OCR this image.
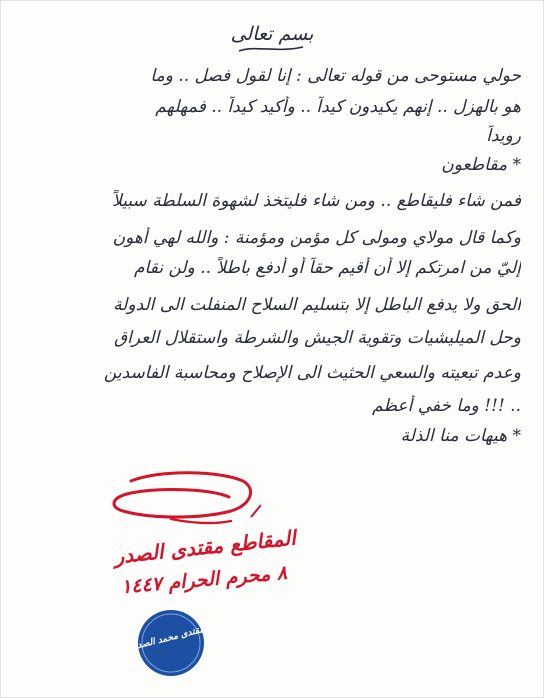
بسم تعالى
حولي مستوحى من قوله تعالى : إنا لقول فصل .. وما
هو بالهزل .. إنهم يكيدون كيداً .. وأكيد كيداً .. فمهلهم
رويداً
* مقاطعون
فمن شاء فليقاطع .. ومن شاء فليتخذ لشهوة السلطة سبيلاً
وكما قال مولاي ومولى كل مؤمن ومؤمنة : والله لهي أهون
إليّ من امرتكم إلا أن أقيم حقاً أو أدفع باطلاً .. ولن نقام
الحق ولا يدفع الباطل إلا بتسليم السلاح المنفلت الى الدولة
وحل الميليشيات وتقوية الجيش والشرطة واستقلال العراق
وعدم تبعيته والسعي الحثيث الى الإصلاح ومحاسبة الفاسدين
.. !!! وما خفي أعظم
* هيهات منا الذلة
المقاطع مقتدى الصدر
٨ محرم الحرام ١٤٤٧
مقتدى محمد الصدر
